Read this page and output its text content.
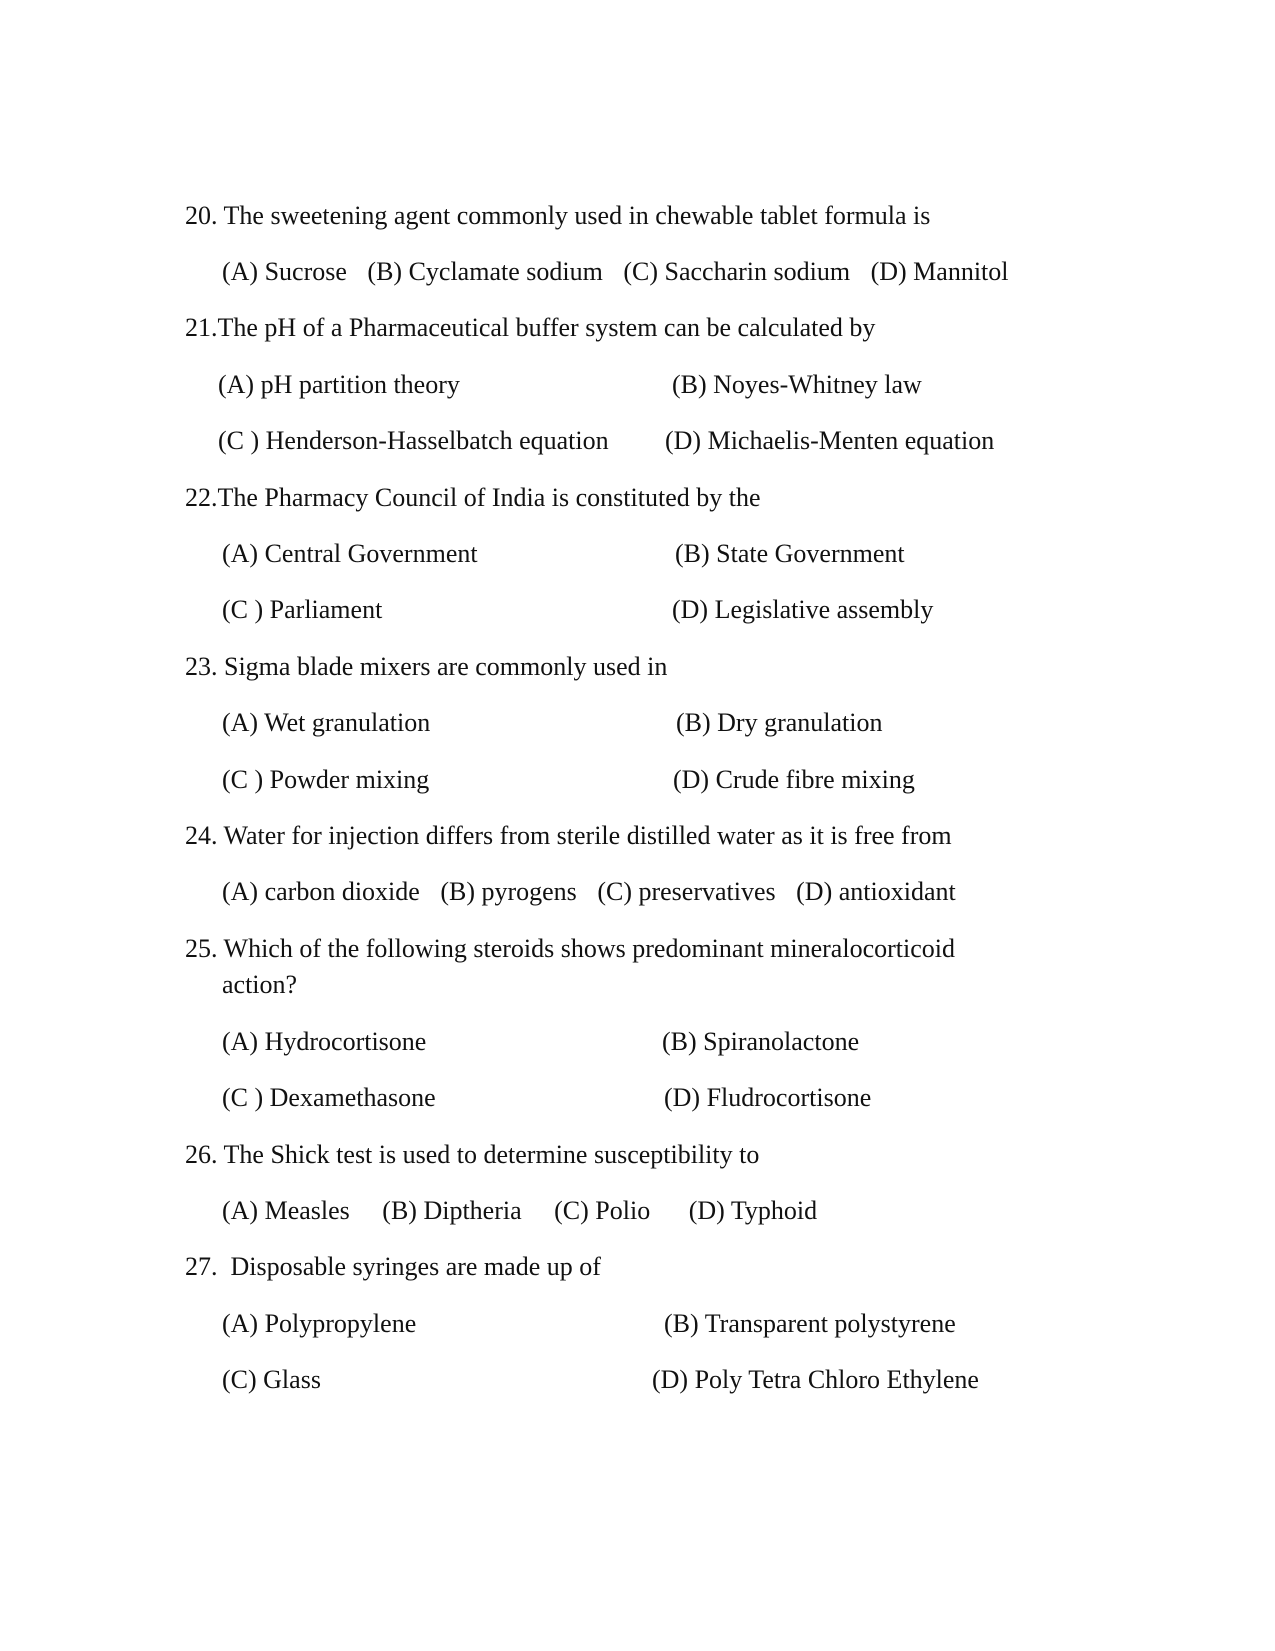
20. The sweetening agent commonly used in chewable tablet formula is
(A) Sucrose (B) Cyclamate sodium (C) Saccharin sodium (D) Mannitol
21.The pH of a Pharmaceutical buffer system can be calculated by
(A) pH partition theory	(B) Noyes-Whitney law
(C ) Henderson-Hasselbatch equation (D) Michaelis-Menten equation
22.The Pharmacy Council of India is constituted by the
(A) Central Government	(B) State Government
(C ) Parliament	(D) Legislative assembly
23. Sigma blade mixers are commonly used in
(A) Wet granulation	(B) Dry granulation
(C ) Powder mixing	(D) Crude fibre mixing
24. Water for injection differs from sterile distilled water as it is free from
(A) carbon dioxide (B) pyrogens (C) preservatives (D) antioxidant
25. Which of the following steroids shows predominant mineralocorticoid
action?
(A) Hydrocortisone	(B) Spiranolactone
(C ) Dexamethasone	(D) Fludrocortisone
26. The Shick test is used to determine susceptibility to
(A) Measles (B) Diptheria (C) Polio (D) Typhoid
27. Disposable syringes are made up of
(A) Polypropylene	(B) Transparent polystyrene
(C) Glass	(D) Poly Tetra Chloro Ethylene
